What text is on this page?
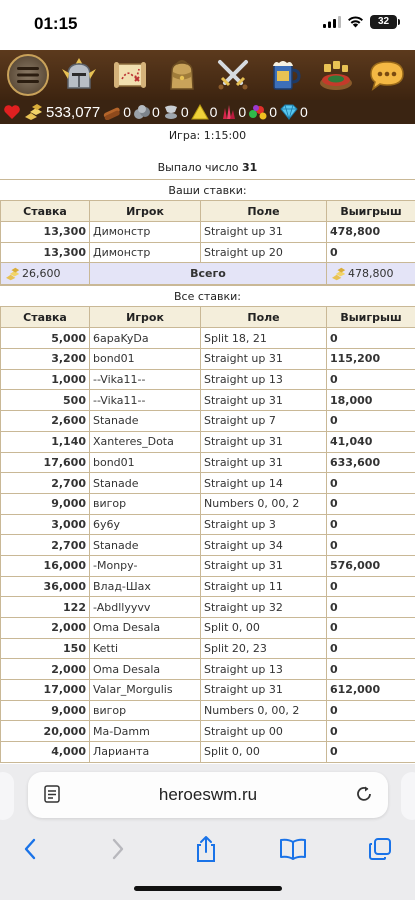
01:15	32
533,077 0 0 0 0 0 0 0
Игра: 1:15:00
Выпало число 31
Ваши ставки:
Ставка	Игрок	Поле	Выигрыш
13,300	Димонстр	Straight up 31	478,800
13,300	Димонстр	Straight up 20	0
26,600	Всего		478,800
Все ставки:
Ставка	Игрок	Поле	Выигрыш
5,000	6apaKyDa	Split 18, 21	0
3,200	bond01	Straight up 31	115,200
1,000	--Vika11--	Straight up 13	0
500	--Vika11--	Straight up 31	18,000
2,600	Stanade	Straight up 7	0
1,140	Xanteres_Dota	Straight up 31	41,040
17,600	bond01	Straight up 31	633,600
2,700	Stanade	Straight up 14	0
9,000	вигор	Numbers 0, 00, 2	0
3,000	6y6y	Straight up 3	0
2,700	Stanade	Straight up 34	0
16,000	-Monpy-	Straight up 31	576,000
36,000	Влад-Шах	Straight up 11	0
122	-Abdllyyvv	Straight up 32	0
2,000	Oma Desala	Split 0, 00	0
150	Ketti	Split 20, 23	0
2,000	Oma Desala	Straight up 13	0
17,000	Valar_Morgulis	Straight up 31	612,000
9,000	вигор	Numbers 0, 00, 2	0
20,000	Ma-Damm	Straight up 00	0
4,000	Ларианта	Split 0, 00	0
heroeswm.ru
